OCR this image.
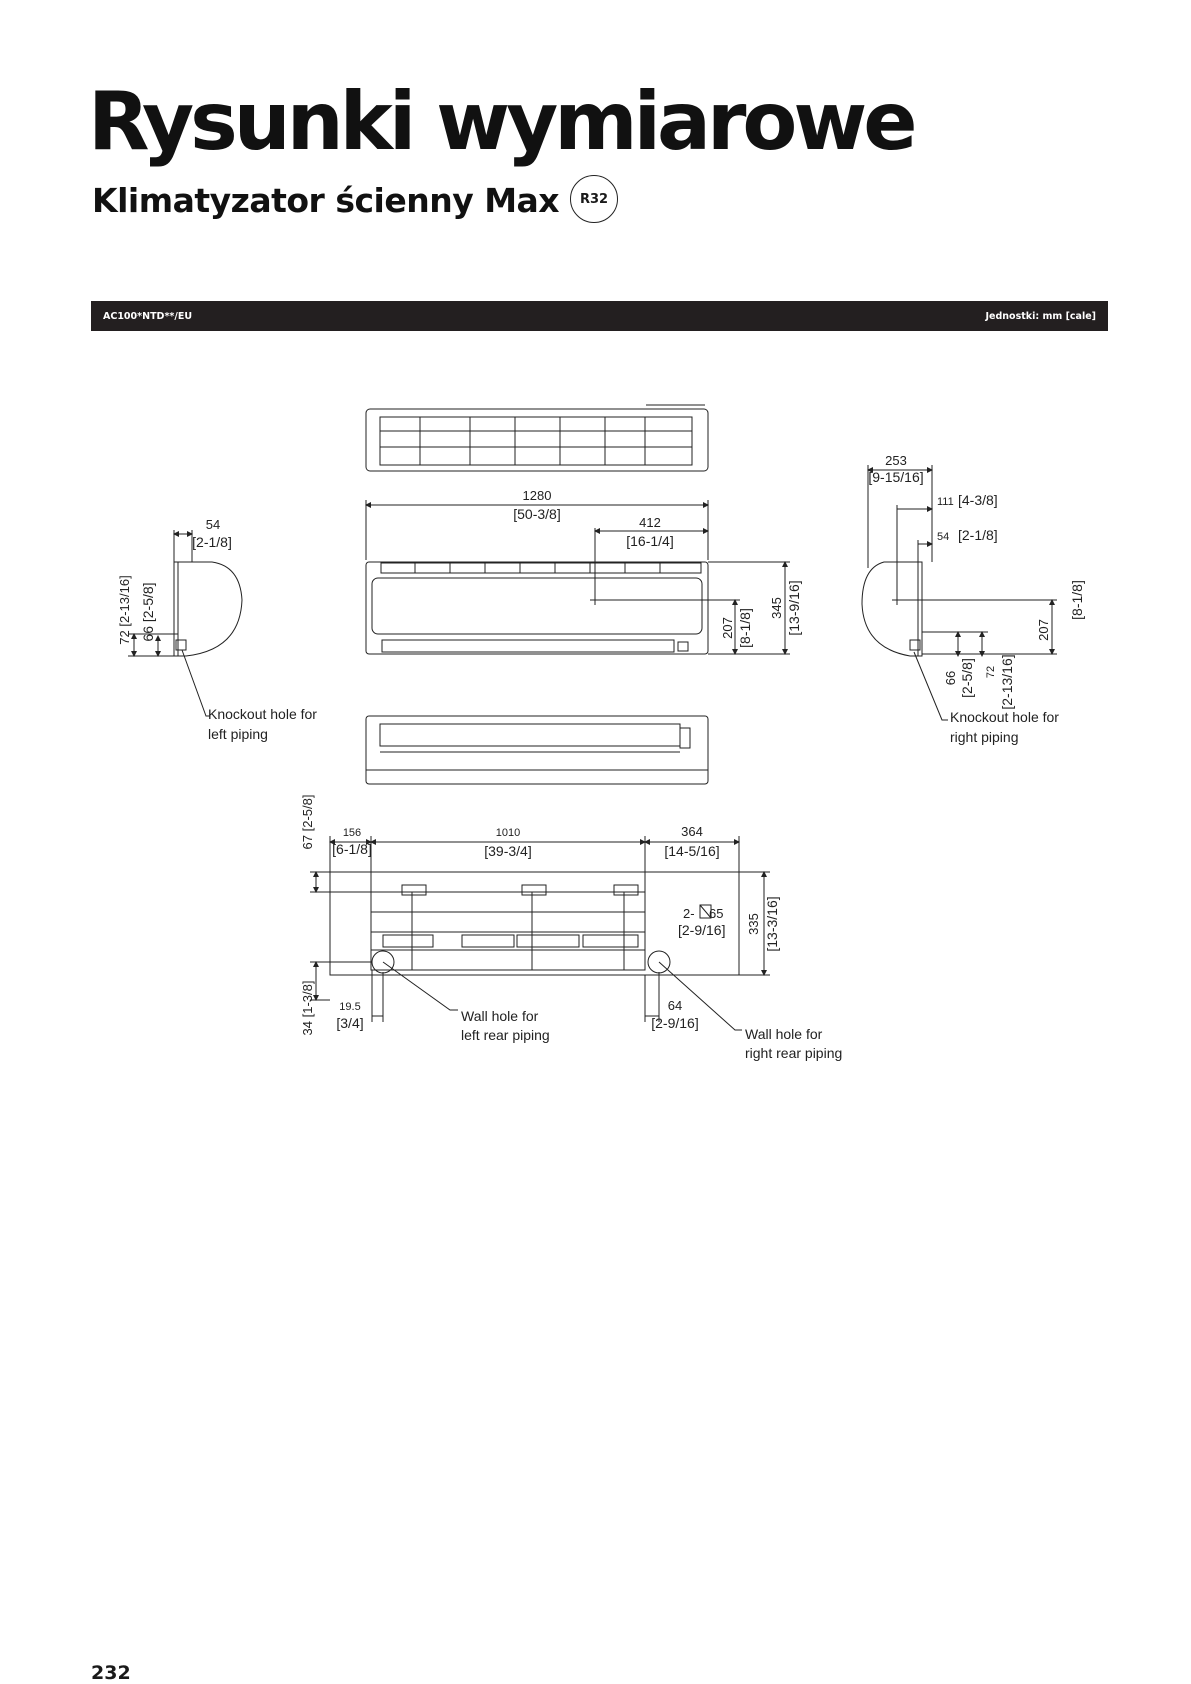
Rysunki wymiarowe
Klimatyzator ścienny Max R32
AC100*NTD**/EU	Jednostki: mm [cale]
1280
[50-3/8]
412
[16-1/4]
207 [8-1/8]
345 [13-9/16]
54
[2-1/8]
72 [2-13/16] 66 [2-5/8]
Knockout hole for
left piping
253
[9-15/16]
111 [4-3/8]
54 [2-1/8]
207
[8-1/8]
66 [2-5/8] 72 [2-13/16]
Knockout hole for
right piping
156
[6-1/8]
1010
[39-3/4]
364
[14-5/16]
67 [2-5/8]
335 [13-3/16]
34 [1-3/8] 19.5
[3/4]
64
[2-9/16]
2- 65
[2-9/16]
Wall hole for
left rear piping	Wall hole for
right rear piping

232
